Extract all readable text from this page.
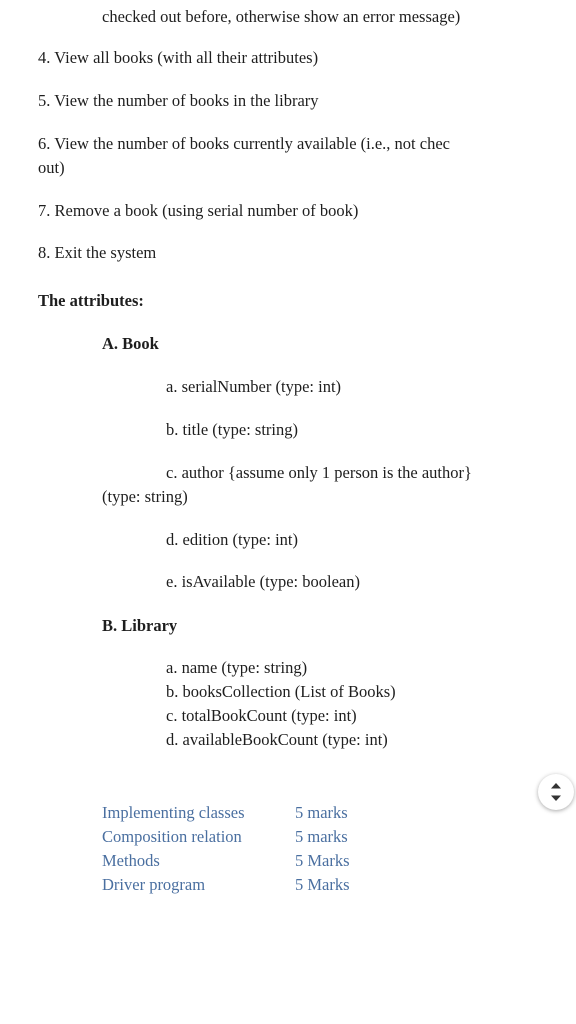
checked out before, otherwise show an error message)
4. View all books (with all their attributes)
5. View the number of books in the library
6. View the number of books currently available (i.e., not chec
out)
7. Remove a book (using serial number of book)
8. Exit the system
The attributes:
A. Book
a. serialNumber (type: int)
b. title (type: string)
c. author {assume only 1 person is the author}
(type: string)
d. edition (type: int)
e. isAvailable (type: boolean)
B. Library
a. name (type: string)
b. booksCollection (List of Books)
c. totalBookCount (type: int)
d. availableBookCount (type: int)
Implementing classes	5 marks
Composition relation	5 marks
Methods	5 Marks
Driver program	5 Marks
